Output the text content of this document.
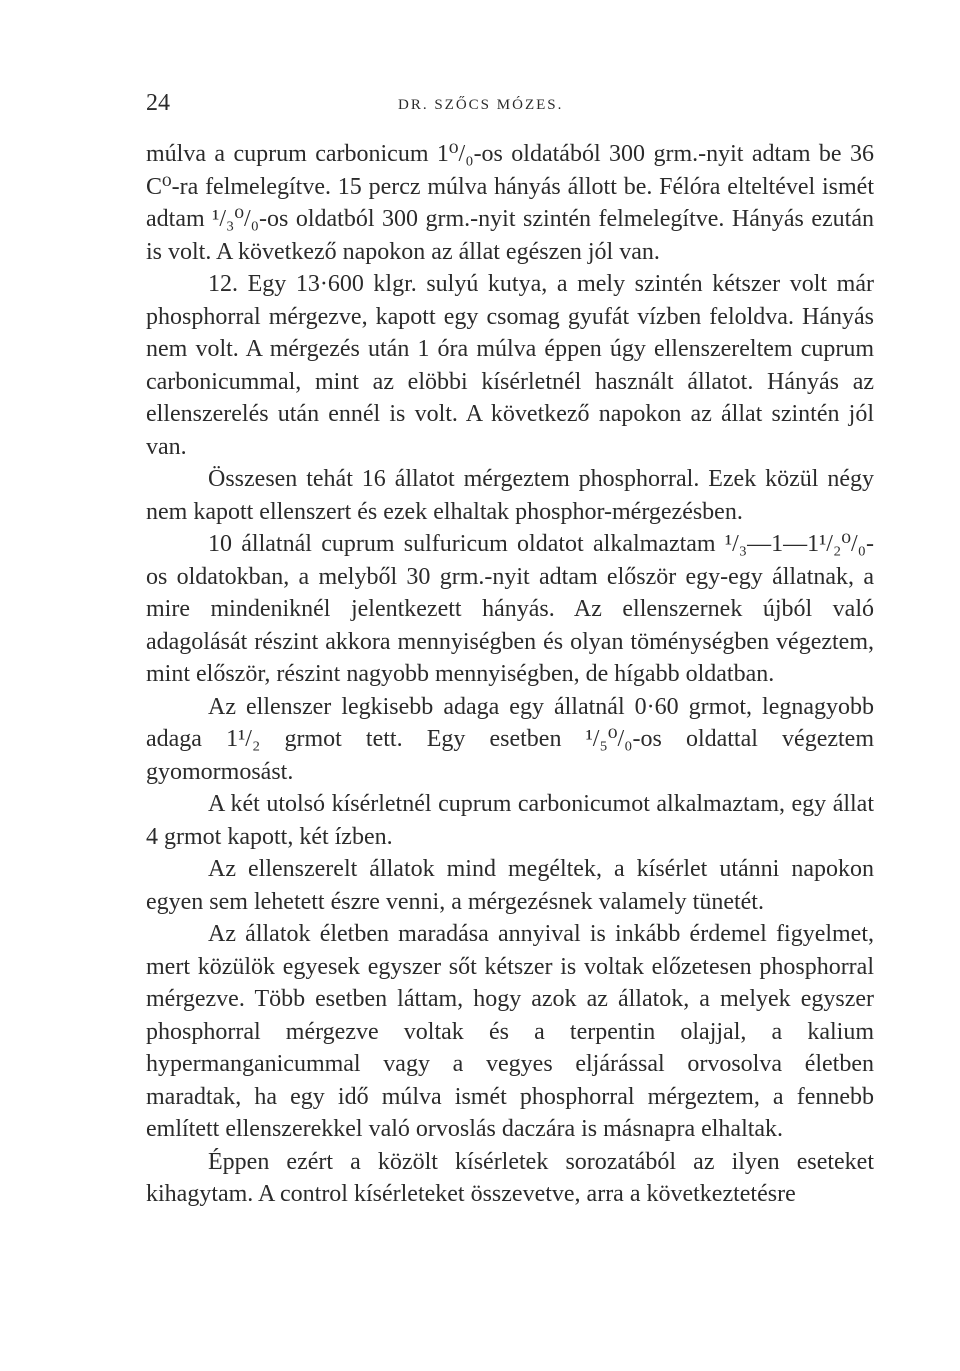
24	DR. SZŐCS MÓZES.

múlva a cuprum carbonicum 1⁰/₀-os oldatából 300 grm.-nyit adtam be 36 C⁰-ra felmelegítve. 15 percz múlva hányás állott be. Félóra elteltével ismét adtam ¹/₃⁰/₀-os oldatból 300 grm.-nyit szintén felmelegítve. Hányás ezután is volt. A következő napokon az állat egészen jól van.

12. Egy 13·600 klgr. sulyú kutya, a mely szintén kétszer volt már phosphorral mérgezve, kapott egy csomag gyufát vízben feloldva. Hányás nem volt. A mérgezés után 1 óra múlva éppen úgy ellenszereltem cuprum carbonicummal, mint az elöbbi kísérletnél használt állatot. Hányás az ellenszerelés után ennél is volt. A következő napokon az állat szintén jól van.

Összesen tehát 16 állatot mérgeztem phosphorral. Ezek közül négy nem kapott ellenszert és ezek elhaltak phosphor-mérgezésben.

10 állatnál cuprum sulfuricum oldatot alkalmaztam ¹/₃—1—1¹/₂⁰/₀-os oldatokban, a melyből 30 grm.-nyit adtam először egy-egy állatnak, a mire mindeniknél jelentkezett hányás. Az ellenszernek újból való adagolását részint akkora mennyiségben és olyan töménységben végeztem, mint először, részint nagyobb mennyiségben, de hígabb oldatban.

Az ellenszer legkisebb adaga egy állatnál 0·60 grmot, legnagyobb adaga 1¹/₂ grmot tett. Egy esetben ¹/₅⁰/₀-os oldattal végeztem gyomormosást.

A két utolsó kísérletnél cuprum carbonicumot alkalmaztam, egy állat 4 grmot kapott, két ízben.

Az ellenszerelt állatok mind megéltek, a kísérlet utánni napokon egyen sem lehetett észre venni, a mérgezésnek valamely tünetét.

Az állatok életben maradása annyival is inkább érdemel figyelmet, mert közülök egyesek egyszer sőt kétszer is voltak előzetesen phosphorral mérgezve. Több esetben láttam, hogy azok az állatok, a melyek egyszer phosphorral mérgezve voltak és a terpentin olajjal, a kalium hypermanganicummal vagy a vegyes eljárással orvosolva életben maradtak, ha egy idő múlva ismét phosphorral mérgeztem, a fennebb említett ellenszerekkel való orvoslás daczára is másnapra elhaltak.

Éppen ezért a közölt kísérletek sorozatából az ilyen eseteket kihagytam. A control kísérleteket összevetve, arra a következtetésre
